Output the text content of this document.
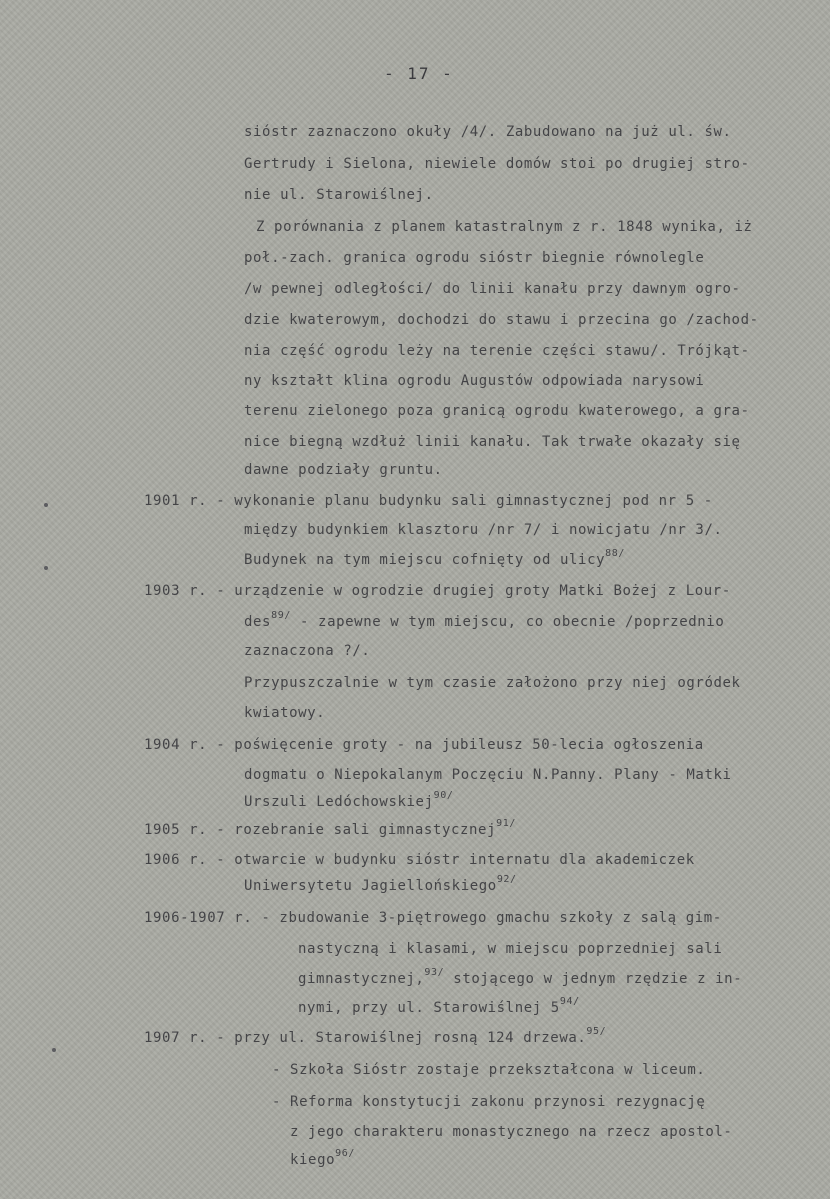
- 17 -
sióstr zaznaczono okuły /4/. Zabudowano na już ul. św.
Gertrudy i Sielona, niewiele domów stoi po drugiej stro-
nie ul. Starowiślnej.
Z porównania z planem katastralnym z r. 1848 wynika, iż
poł.-zach. granica ogrodu sióstr biegnie równolegle
/w pewnej odległości/ do linii kanału przy dawnym ogro-
dzie kwaterowym, dochodzi do stawu i przecina go /zachod-
nia część ogrodu leży na terenie części stawu/. Trójkąt-
ny kształt klina ogrodu Augustów odpowiada narysowi
terenu zielonego poza granicą ogrodu kwaterowego, a gra-
nice biegną wzdłuż linii kanału. Tak trwałe okazały się
dawne podziały gruntu.
1901 r. - wykonanie planu budynku sali gimnastycznej pod nr 5 -
między budynkiem klasztoru /nr 7/ i nowicjatu /nr 3/.
Budynek na tym miejscu cofnięty od ulicy$^{88/}$
1903 r. - urządzenie w ogrodzie drugiej groty Matki Bożej z Lour-
des$^{89/}$ - zapewne w tym miejscu, co obecnie /poprzednio
zaznaczona ?/.
Przypuszczalnie w tym czasie założono przy niej ogródek
kwiatowy.
1904 r. - poświęcenie groty - na jubileusz 50-lecia ogłoszenia
dogmatu o Niepokalanym Poczęciu N.Panny. Plany - Matki
Urszuli Ledóchowskiej$^{90/}$
1905 r. - rozebranie sali gimnastycznej$^{91/}$
1906 r. - otwarcie w budynku sióstr internatu dla akademiczek
Uniwersytetu Jagiellońskiego$^{92/}$
1906-1907 r. - zbudowanie 3-piętrowego gmachu szkoły z salą gim-
nastyczną i klasami, w miejscu poprzedniej sali
gimnastycznej,$^{93/}$ stojącego w jednym rzędzie z in-
nymi, przy ul. Starowiślnej $5^{94/}$
1907 r. - przy ul. Starowiślnej rosną 124 drzewa.$^{95/}$
- Szkoła Sióstr zostaje przekształcona w liceum.
- Reforma konstytucji zakonu przynosi rezygnację
z jego charakteru monastycznego na rzecz apostol-
kiego$^{96/}$
